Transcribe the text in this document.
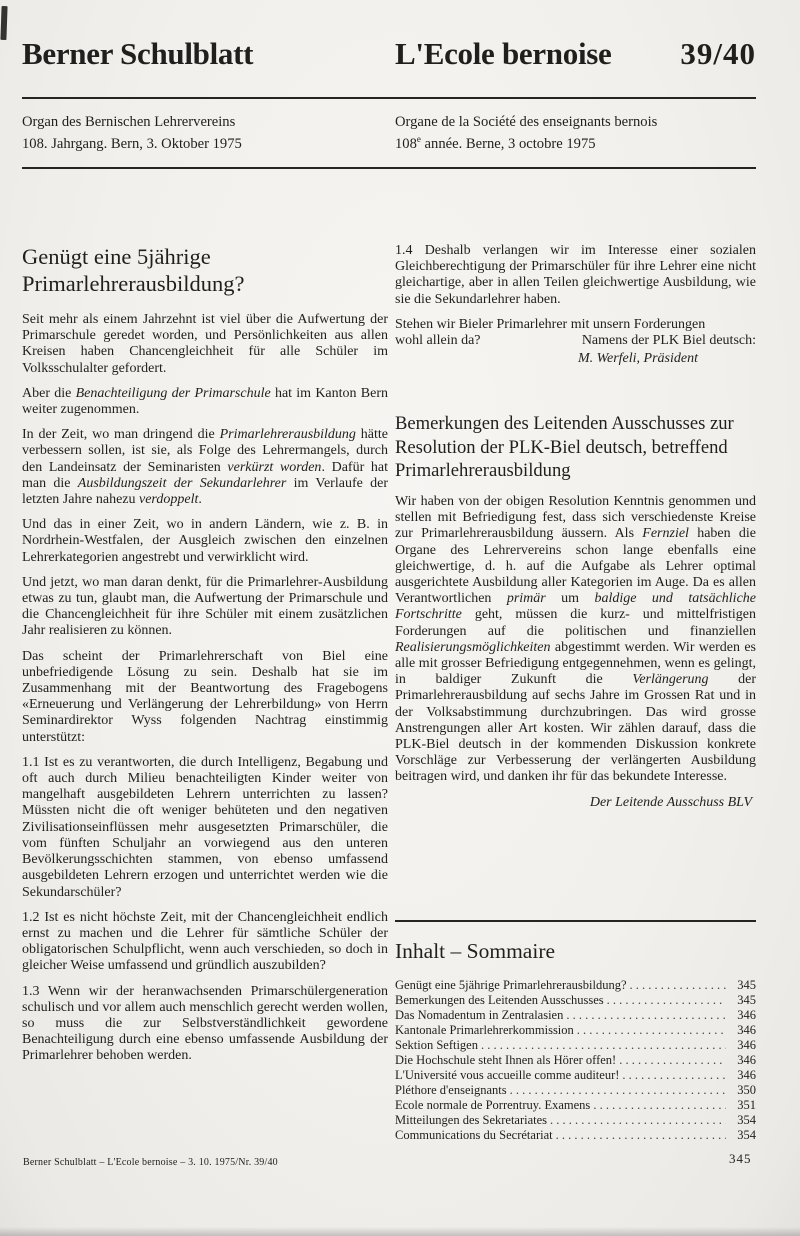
Berner Schulblatt	L'Ecole bernoise 39/40
Organ des Bernischen Lehrervereins
108. Jahrgang. Bern, 3. Oktober 1975
Organe de la Société des enseignants bernois
108e année. Berne, 3 octobre 1975
Genügt eine 5jährige Primarlehrerausbildung?

Seit mehr als einem Jahrzehnt ist viel über die Aufwertung der Primarschule geredet worden, und Persönlichkeiten aus allen Kreisen haben Chancengleichheit für alle Schüler im Volksschulalter gefordert.

Aber die Benachteiligung der Primarschule hat im Kanton Bern weiter zugenommen.

In der Zeit, wo man dringend die Primarlehrerausbildung hätte verbessern sollen, ist sie, als Folge des Lehrermangels, durch den Landeinsatz der Seminaristen verkürzt worden. Dafür hat man die Ausbildungszeit der Sekundarlehrer im Verlaufe der letzten Jahre nahezu verdoppelt.

Und das in einer Zeit, wo in andern Ländern, wie z. B. in Nordrhein-Westfalen, der Ausgleich zwischen den einzelnen Lehrerkategorien angestrebt und verwirklicht wird.

Und jetzt, wo man daran denkt, für die Primarlehrer-Ausbildung etwas zu tun, glaubt man, die Aufwertung der Primarschule und die Chancengleichheit für ihre Schüler mit einem zusätzlichen Jahr realisieren zu können.

Das scheint der Primarlehrerschaft von Biel eine unbefriedigende Lösung zu sein. Deshalb hat sie im Zusammenhang mit der Beantwortung des Fragebogens «Erneuerung und Verlängerung der Lehrerbildung» von Herrn Seminardirektor Wyss folgenden Nachtrag einstimmig unterstützt:

1.1 Ist es zu verantworten, die durch Intelligenz, Begabung und oft auch durch Milieu benachteiligten Kinder weiter von mangelhaft ausgebildeten Lehrern unterrichten zu lassen? Müssten nicht die oft weniger behüteten und den negativen Zivilisationseinflüssen mehr ausgesetzten Primarschüler, die vom fünften Schuljahr an vorwiegend aus den unteren Bevölkerungsschichten stammen, von ebenso umfassend ausgebildeten Lehrern erzogen und unterrichtet werden wie die Sekundarschüler?

1.2 Ist es nicht höchste Zeit, mit der Chancengleichheit endlich ernst zu machen und die Lehrer für sämtliche Schüler der obligatorischen Schulpflicht, wenn auch verschieden, so doch in gleicher Weise umfassend und gründlich auszubilden?

1.3 Wenn wir der heranwachsenden Primarschülergeneration schulisch und vor allem auch menschlich gerecht werden wollen, so muss die zur Selbstverständlichkeit gewordene Benachteiligung durch eine ebenso umfassende Ausbildung der Primarlehrer behoben werden.

1.4 Deshalb verlangen wir im Interesse einer sozialen Gleichberechtigung der Primarschüler für ihre Lehrer eine nicht gleichartige, aber in allen Teilen gleichwertige Ausbildung, wie sie die Sekundarlehrer haben.

Stehen wir Bieler Primarlehrer mit unsern Forderungen
wohl allein da?	Namens der PLK Biel deutsch:
M. Werfeli, Präsident
Bemerkungen des Leitenden Ausschusses zur Resolution der PLK-Biel deutsch, betreffend Primarlehrerausbildung

Wir haben von der obigen Resolution Kenntnis genommen und stellen mit Befriedigung fest, dass sich verschiedenste Kreise zur Primarlehrerausbildung äussern. Als Fernziel haben die Organe des Lehrervereins schon lange ebenfalls eine gleichwertige, d. h. auf die Aufgabe als Lehrer optimal ausgerichtete Ausbildung aller Kategorien im Auge. Da es allen Verantwortlichen primär um baldige und tatsächliche Fortschritte geht, müssen die kurz- und mittelfristigen Forderungen auf die politischen und finanziellen Realisierungsmöglichkeiten abgestimmt werden. Wir werden es alle mit grosser Befriedigung entgegennehmen, wenn es gelingt, in baldiger Zukunft die Verlängerung der Primarlehrerausbildung auf sechs Jahre im Grossen Rat und in der Volksabstimmung durchzubringen. Das wird grosse Anstrengungen aller Art kosten. Wir zählen darauf, dass die PLK-Biel deutsch in der kommenden Diskussion konkrete Vorschläge zur Verbesserung der verlängerten Ausbildung beitragen wird, und danken ihr für das bekundete Interesse.

Der Leitende Ausschuss BLV
Inhalt – Sommaire
Genügt eine 5jährige Primarlehrerausbildung? . . .	345
Bemerkungen des Leitenden Ausschusses . . .	345
Das Nomadentum in Zentralasien . . .	346
Kantonale Primarlehrerkommission . . .	346
Sektion Seftigen . . .	346
Die Hochschule steht Ihnen als Hörer offen! . . .	346
L'Université vous accueille comme auditeur! . . .	346
Pléthore d'enseignants . . .	350
Ecole normale de Porrentruy. Examens . . .	351
Mitteilungen des Sekretariates . . .	354
Communications du Secrétariat . . .	354
Berner Schulblatt – L'Ecole bernoise – 3. 10. 1975/Nr. 39/40	345
